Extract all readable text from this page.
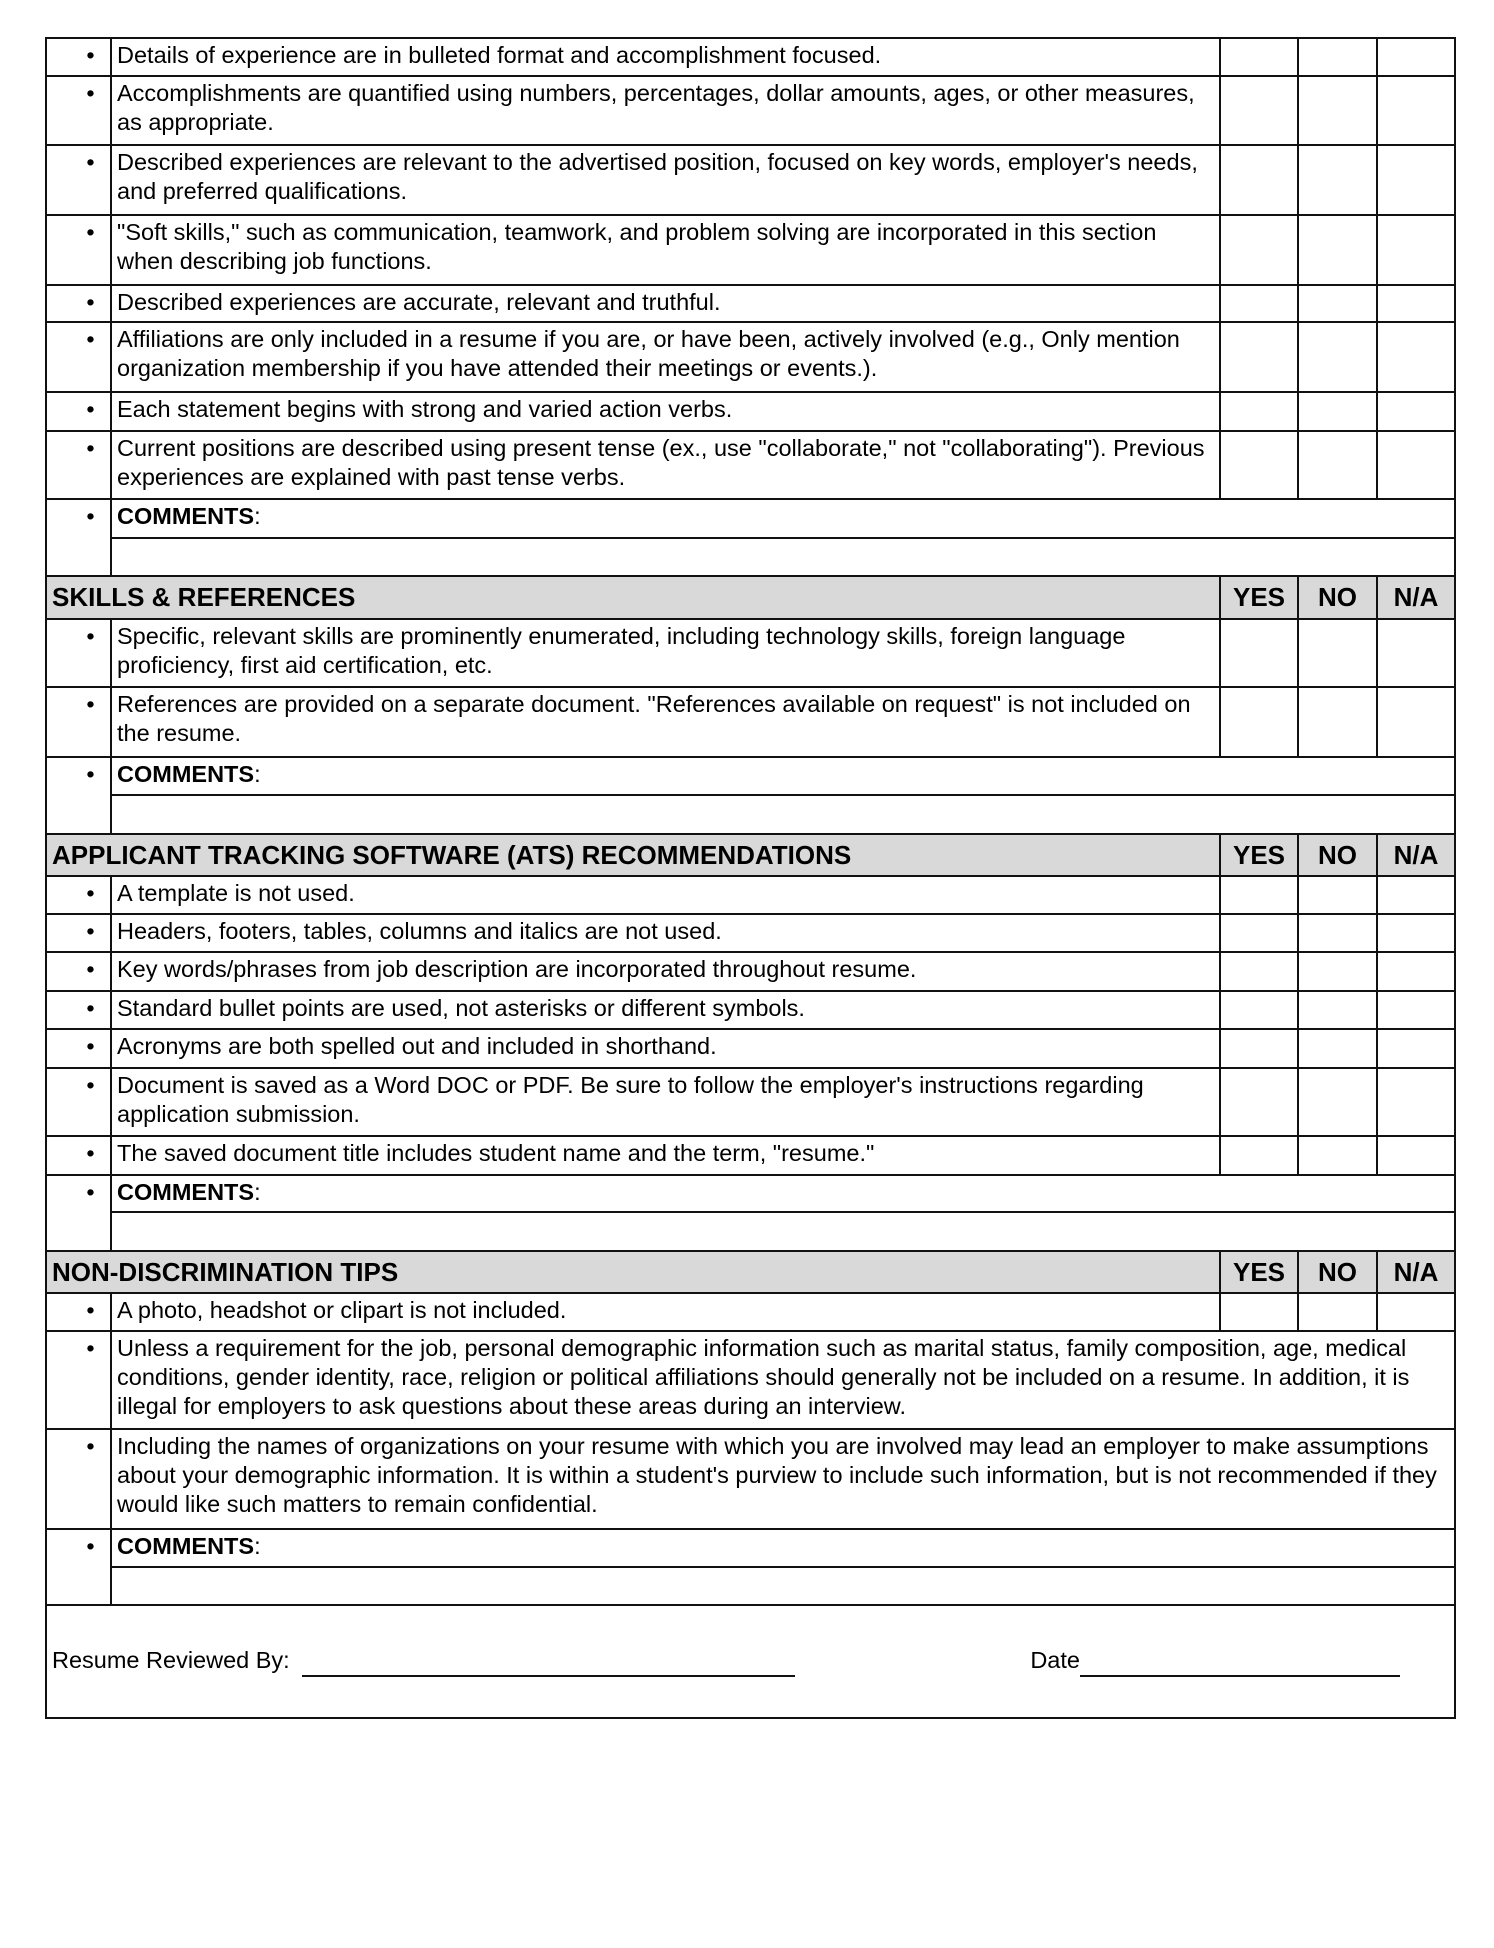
•	Details of experience are in bulleted format and accomplishment focused.			
•	Accomplishments are quantified using numbers, percentages, dollar amounts, ages, or other measures, as appropriate.			
•	Described experiences are relevant to the advertised position, focused on key words, employer's needs, and preferred qualifications.			
•	"Soft skills," such as communication, teamwork, and problem solving are incorporated in this section when describing job functions.			
•	Described experiences are accurate, relevant and truthful.			
•	Affiliations are only included in a resume if you are, or have been, actively involved (e.g., Only mention organization membership if you have attended their meetings or events.).			
•	Each statement begins with strong and varied action verbs.			
•	Current positions are described using present tense (ex., use "collaborate," not "collaborating"). Previous experiences are explained with past tense verbs.			
•	COMMENTS:			

SKILLS & REFERENCES		YES	NO	N/A
•	Specific, relevant skills are prominently enumerated, including technology skills, foreign language proficiency, first aid certification, etc.			
•	References are provided on a separate document. "References available on request" is not included on the resume.			
•	COMMENTS:			

APPLICANT TRACKING SOFTWARE (ATS) RECOMMENDATIONS		YES	NO	N/A
•	A template is not used.			
•	Headers, footers, tables, columns and italics are not used.			
•	Key words/phrases from job description are incorporated throughout resume.			
•	Standard bullet points are used, not asterisks or different symbols.			
•	Acronyms are both spelled out and included in shorthand.			
•	Document is saved as a Word DOC or PDF. Be sure to follow the employer's instructions regarding application submission.			
•	The saved document title includes student name and the term, "resume."			
•	COMMENTS:			

NON-DISCRIMINATION TIPS		YES	NO	N/A
•	A photo, headshot or clipart is not included.			
•	Unless a requirement for the job, personal demographic information such as marital status, family composition, age, medical conditions, gender identity, race, religion or political affiliations should generally not be included on a resume. In addition, it is illegal for employers to ask questions about these areas during an interview.			
•	Including the names of organizations on your resume with which you are involved may lead an employer to make assumptions about your demographic information. It is within a student's purview to include such information, but is not recommended if they would like such matters to remain confidential.			
•	COMMENTS:			

Resume Reviewed By: Date				
